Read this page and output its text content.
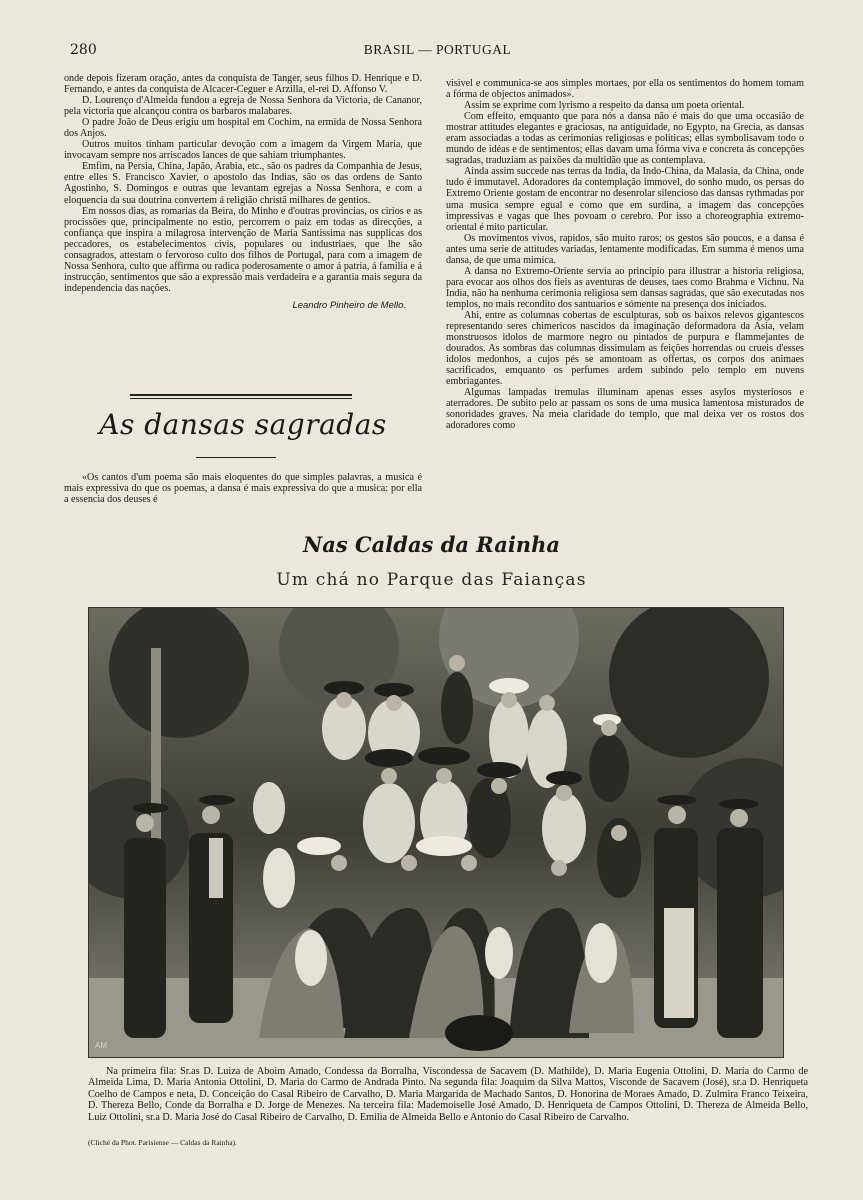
280	BRASIL — PORTUGAL

onde depois fizeram oração, antes da conquista de Tanger, seus filhos D. Henrique e D. Fernando, e antes da conquista de Alcacer-Ceguer e Arzilla, el-rei D. Affonso V.

D. Lourenço d'Almeida fundou a egreja de Nossa Senhora da Victoria, de Cananor, pela victoria que alcançou contra os barbaros malabares.

O padre João de Deus erigiu um hospital em Cochim, na ermida de Nossa Senhora dos Anjos.

Outros muitos tinham particular devoção com a imagem da Virgem Maria, que invocavam sempre nos arriscados lances de que sahiam triumphantes.

Emfim, na Persia, China, Japão, Arabia, etc., são os padres da Companhia de Jesus, entre elles S. Francisco Xavier, o apostolo das Indias, são os das ordens de Santo Agostinho, S. Domingos e outras que levantam egrejas a Nossa Senhora, e com a eloquencia da sua doutrina convertem á religião christã milhares de gentios.

Em nossos dias, as romarias da Beira, do Minho e d'outras provincias, os cirios e as procissões que, principalmente no estio, percorrem o paiz em todas as direcções, a confiança que inspira a milagrosa intervenção de Maria Santissima nas supplicas dos peccadores, os estabelecimentos civis, populares ou industriaes, que lhe são consagrados, attestam o fervoroso culto dos filhos de Portugal, para com a imagem de Nossa Senhora, culto que affirma ou radica poderosamente o amor á patria, á familia e á instrucção, sentimentos que são a expressão mais verdadeira e a garantia mais segura da independencia das nações.

Leandro Pinheiro de Mello.
As dansas sagradas

«Os cantos d'um poema são mais eloquentes do que simples palavras, a musica é mais expressiva do que os poemas, a dansa é mais expressiva do que a musica: por ella a essencia dos deuses é

visivel e communica-se aos simples mortaes, por ella os sentimentos do homem tomam a fórma de objectos animados».

Assim se exprime com lyrismo a respeito da dansa um poeta oriental.

Com effeito, emquanto que para nós a dansa não é mais do que uma occasião de mostrar attitudes elegantes e graciosas, na antiguidade, no Egypto, na Grecia, as dansas eram associadas a todas as cerimonias religiosas e politicas; ellas symbolisavam todo o mundo de idéas e de sentimentos; ellas davam uma fórma viva e concreta ás concepções sagradas, traduziam as paixões da multidão que as contemplava.

Ainda assim succede nas terras da India, da Indo-China, da Malasia, da China, onde tudo é immutavel. Adoradores da contemplação immovel, do sonho mudo, os persas do Extremo Oriente gostam de encontrar no desenrolar silencioso das dansas rythmadas por uma musica sempre egual e como que em surdina, a imagem das concepções impressivas e vagas que lhes povoam o cerebro. Por isso a choreographia extremo-oriental é mito particular.

Os movimentos vivos, rapidos, são muito raros; os gestos são poucos, e a dansa é antes uma serie de attitudes variadas, lentamente modificadas. Em summa é menos uma dansa, de que uma mimica.

A dansa no Extremo-Oriente servia ao principio para illustrar a historia religiosa, para evocar aos olhos dos fieis as aventuras de deuses, taes como Brahma e Vichnu. Na India, não ha nenhuma cerimonia religiosa sem dansas sagradas, que são executadas nos templos, no mais recondito dos santuarios e sómente na presença dos iniciados.

Ahi, entre as columnas cobertas de esculpturas, sob os baixos relevos gigantescos representando seres chimericos nascidos da imaginação deformadora da Asia, velam monstruosos idolos de marmore negro ou pintados de purpura e flammejantes de dourados. As sombras das columnas dissimulam as feições horrendas ou crueis d'esses idolos medonhos, a cujos pés se amontoam as offertas, os corpos dos animaes sacrificados, emquanto os perfumes ardem subindo pelo templo em nuvens embriagantes.

Algumas lampadas tremulas illuminam apenas esses asylos mysteriosos e aterradores. De subito pelo ar passam os sons de uma musica lamentosa misturados de sonoridades graves. Na meia claridade do templo, que mal deixa ver os rostos dos adoradores como

Nas Caldas da Rainha
Um chá no Parque das Faianças
AM

Na primeira fila: Sr.as D. Luiza de Aboim Amado, Condessa da Borralha, Viscondessa de Sacavem (D. Mathilde), D. Maria Eugenia Ottolini, D. Maria do Carmo de Almeida Lima, D. Maria Antonia Ottolini, D. Maria do Carmo de Andrada Pinto. Na segunda fila: Joaquim da Silva Mattos, Visconde de Sacavem (José), sr.a D. Henriqueta Coelho de Campos e neta, D. Conceição do Casal Ribeiro de Carvalho, D. Maria Margarida de Machado Santos, D. Honorina de Moraes Amado, D. Zulmira Franco Teixeira, D. Thereza Bello, Conde da Borralha e D. Jorge de Menezes. Na terceira fila: Mademoiselle José Amado, D. Henriqueta de Campos Ottolini, D. Thereza de Almeida Bello, Luiz Ottolini, sr.a D. Maria José do Casal Ribeiro de Carvalho, D. Emilia de Almeida Bello e Antonio do Casal Ribeiro de Carvalho.

(Cliché da Phot. Parisiense — Caldas da Rainha).
